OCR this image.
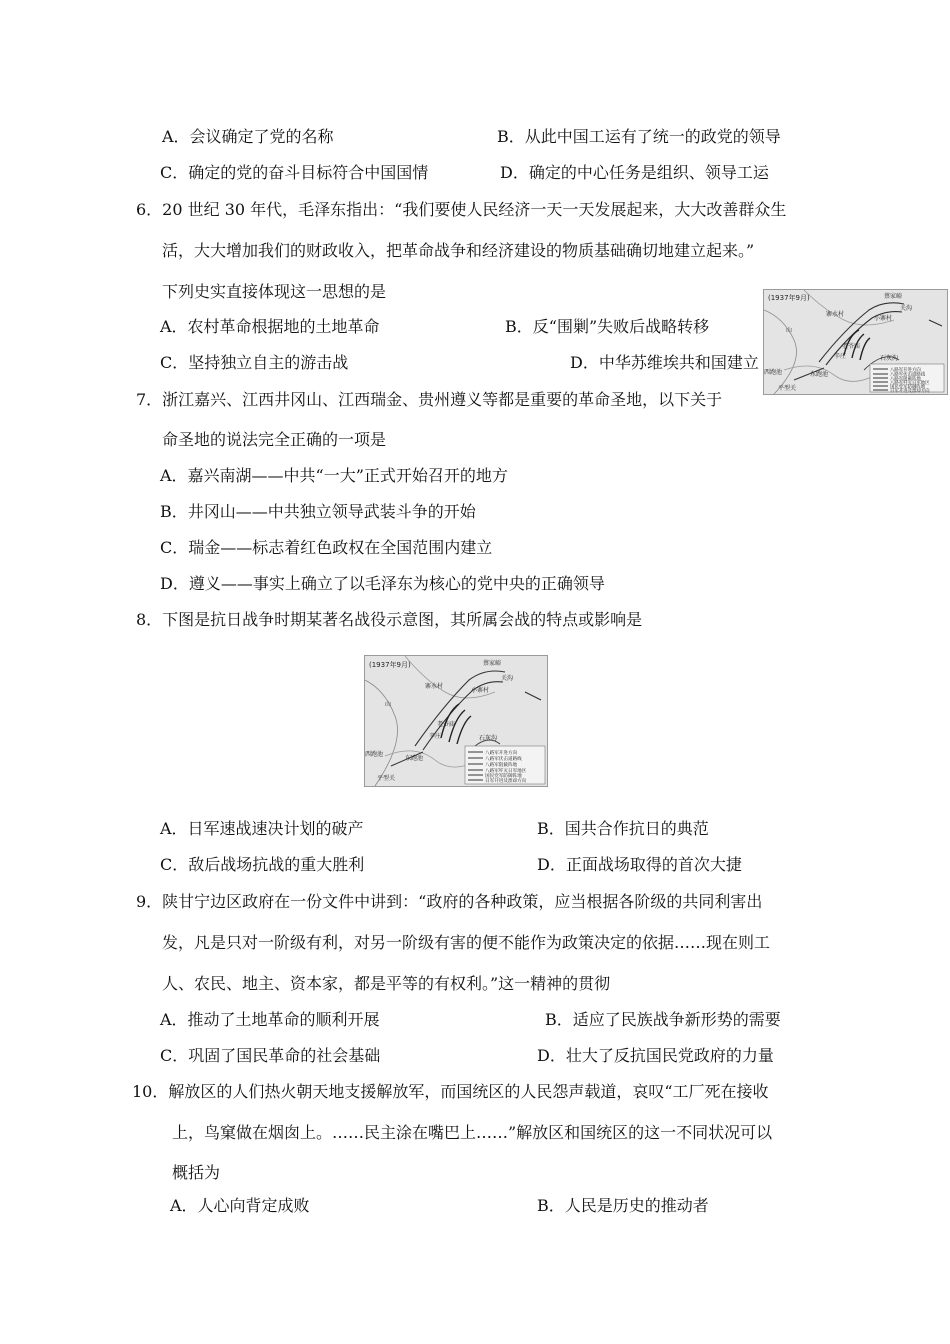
A．会议确定了党的名称	B．从此中国工运有了统一的政党的领导
C．确定的党的奋斗目标符合中国国情	D．确定的中心任务是组织、领导工运
6．20 世纪 30 年代，毛泽东指出：“我们要使人民经济一天一天发展起来，大大改善群众生
活，大大增加我们的财政收入，把革命战争和经济建设的物质基础确切地建立起来。”
下列史实直接体现这一思想的是
A．农村革命根据地的土地革命	B．反“围剿”失败后战略转移
C．坚持独立自主的游击战	D．中华苏维埃共和国建立
(1937年9月)	蔡家峪
寨水村
小寨村
关沟
老爷庙
辛庄	石灰沟
西跑池	东跑池
平型关
山
八路军开进方向
八路军伏击道路线
八路军阻截阵地
八路军歼灭日军地区
国民党军防御阵地
日军开进及溃却方向
7．浙江嘉兴、江西井冈山、江西瑞金、贵州遵义等都是重要的革命圣地，以下关于
命圣地的说法完全正确的一项是
A．嘉兴南湖——中共“一大”正式开始召开的地方
B．井冈山——中共独立领导武装斗争的开始
C．瑞金——标志着红色政权在全国范围内建立
D．遵义——事实上确立了以毛泽东为核心的党中央的正确领导
8．下图是抗日战争时期某著名战役示意图，其所属会战的特点或影响是
(1937年9月)	蔡家峪
寨水村
小寨村
关沟
老爷庙
辛庄	石灰沟
西跑池
东跑池
平型关
山
八路军开进方向
八路军伏击道路线
八路军阻截阵地
八路军歼灭日军地区
国民党军防御阵地
日军开进及溃却方向
A．日军速战速决计划的破产	B．国共合作抗日的典范
C．敌后战场抗战的重大胜利	D．正面战场取得的首次大捷
9．陕甘宁边区政府在一份文件中讲到：“政府的各种政策，应当根据各阶级的共同利害出
发，凡是只对一阶级有利，对另一阶级有害的便不能作为政策决定的依据……现在则工
人、农民、地主、资本家，都是平等的有权利。”这一精神的贯彻
A．推动了土地革命的顺利开展	B．适应了民族战争新形势的需要
C．巩固了国民革命的社会基础	D．壮大了反抗国民党政府的力量
10．解放区的人们热火朝天地支援解放军，而国统区的人民怨声载道，哀叹“工厂死在接收
上，鸟窠做在烟囱上。……民主涂在嘴巴上……”解放区和国统区的这一不同状况可以
概括为
A．人心向背定成败	B．人民是历史的推动者
